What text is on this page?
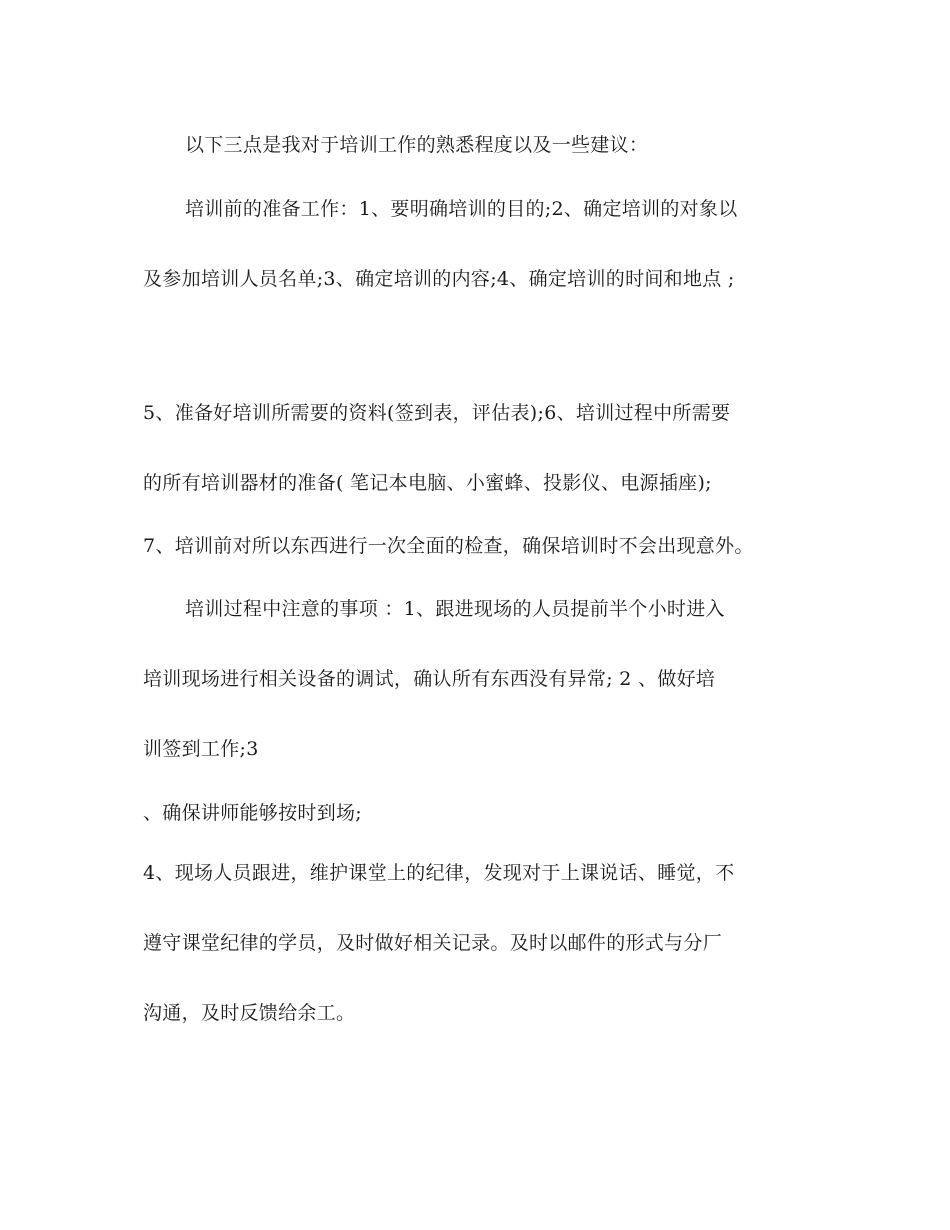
以下三点是我对于培训工作的熟悉程度以及一些建议：
培训前的准备工作：1、要明确培训的目的;2、确定培训的对象以
及参加培训人员名单;3、确定培训的内容;4、确定培训的时间和地点 ;
5、准备好培训所需要的资料(签到表，评估表);6、培训过程中所需要
的所有培训器材的准备( 笔记本电脑、小蜜蜂、投影仪、电源插座);
7、培训前对所以东西进行一次全面的检查，确保培训时不会出现意外。
培训过程中注意的事项 ：1、跟进现场的人员提前半个小时进入
培训现场进行相关设备的调试，确认所有东西没有异常; 2 、做好培
训签到工作;3
、确保讲师能够按时到场;
4、现场人员跟进，维护课堂上的纪律，发现对于上课说话、睡觉，不
遵守课堂纪律的学员，及时做好相关记录。及时以邮件的形式与分厂
沟通，及时反馈给余工。
